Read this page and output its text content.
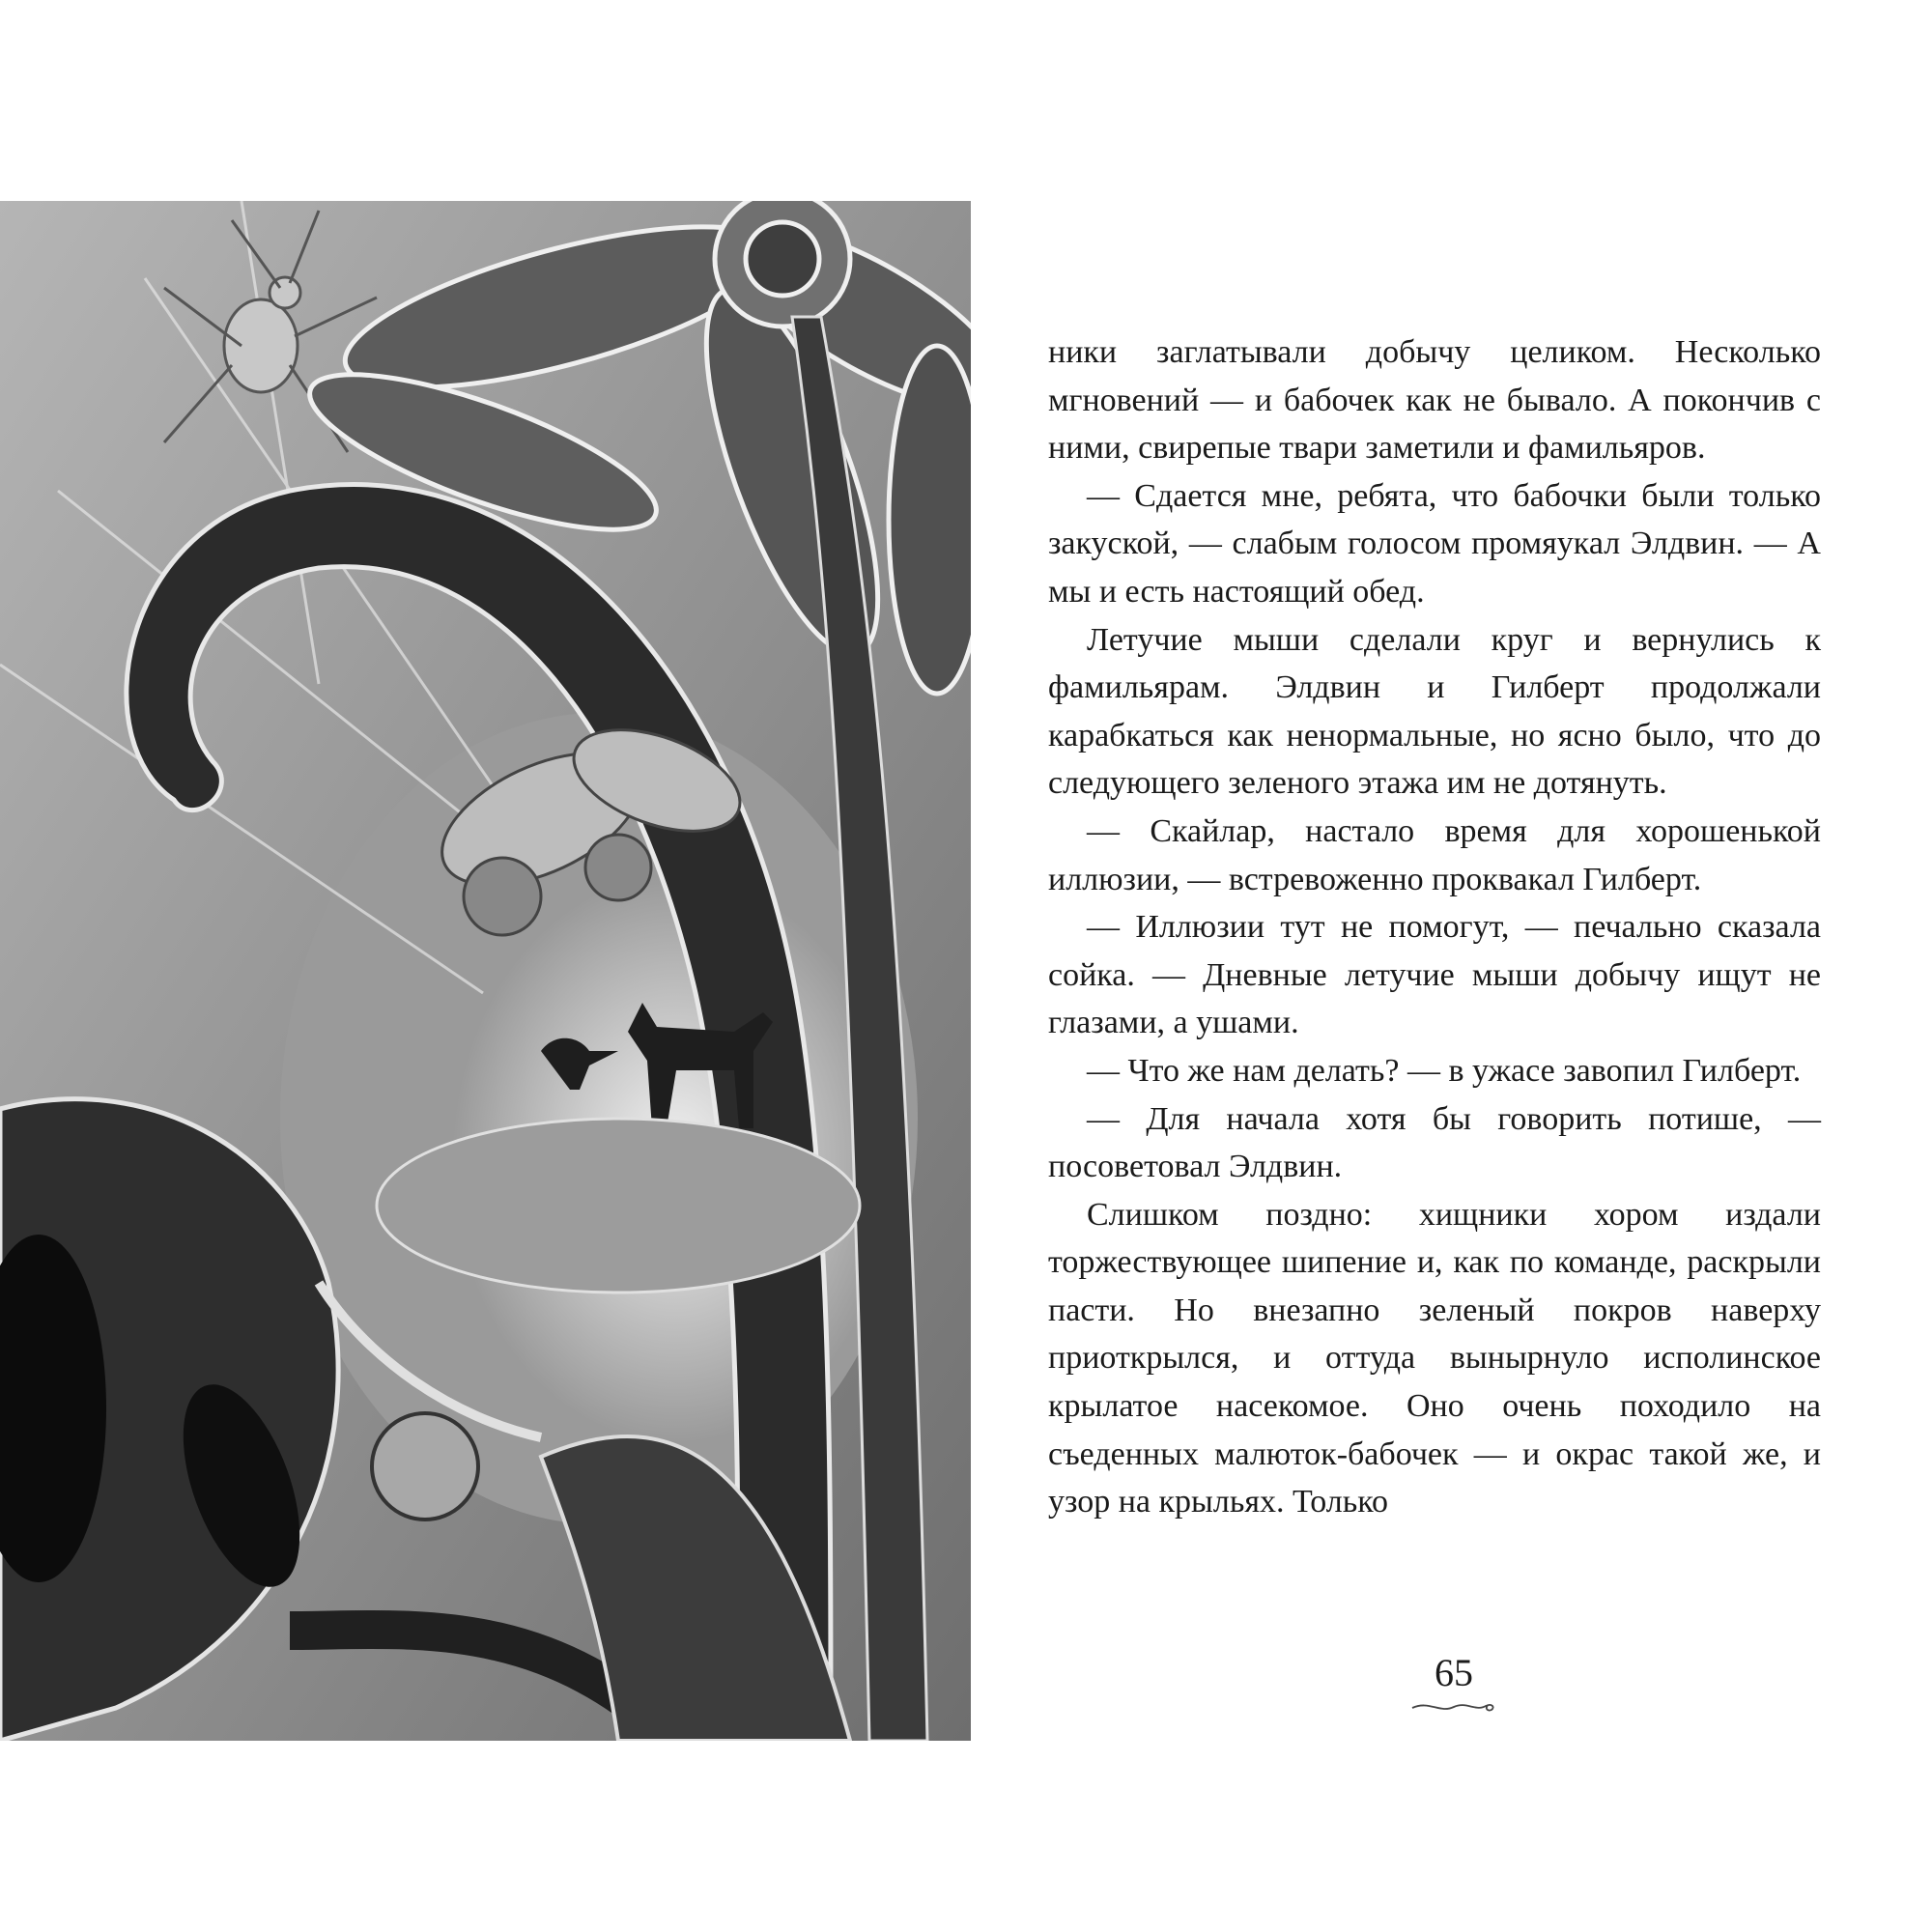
ники заглатывали добычу целиком. Несколько мгновений — и бабочек как не бывало. А покончив с ними, свирепые твари заметили и фамильяров.

— Сдается мне, ребята, что бабочки были только закуской, — слабым голосом промяукал Элдвин. — А мы и есть настоящий обед.

Летучие мыши сделали круг и вернулись к фамильярам. Элдвин и Гилберт продолжали карабкаться как ненормальные, но ясно было, что до следующего зеленого этажа им не дотянуть.

— Скайлар, настало время для хорошенькой иллюзии, — встревоженно проквакал Гилберт.

— Иллюзии тут не помогут, — печально сказала сойка. — Дневные летучие мыши добычу ищут не глазами, а ушами.

— Что же нам делать? — в ужасе завопил Гилберт.

— Для начала хотя бы говорить потише, — посоветовал Элдвин.

Слишком поздно: хищники хором издали торжествующее шипение и, как по команде, раскрыли пасти. Но внезапно зеленый покров наверху приоткрылся, и оттуда вынырнуло исполинское крылатое насекомое. Оно очень походило на съеденных малюток-бабочек — и окрас такой же, и узор на крыльях. Только

65
